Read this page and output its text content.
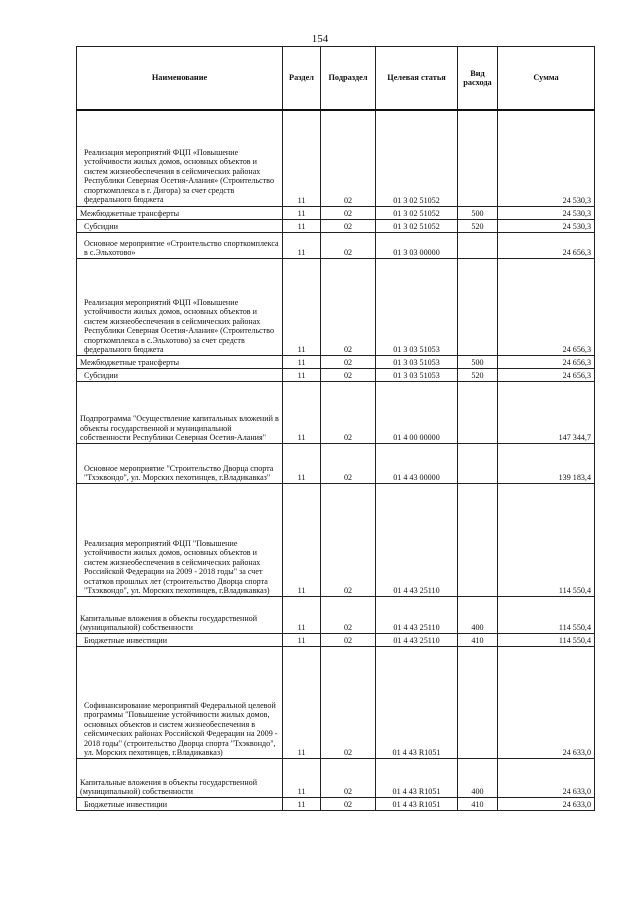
154
Наименование	Раздел	Подраздел	Целевая статья	Вид расхода	Сумма
Реализация мероприятий ФЦП «Повышение устойчивости жилых домов, основных объектов и систем жизнеобеспечения в сейсмических районах Республики Северная Осетия-Алания» (Строительство спорткомплекса в г. Дигора) за счет средств федерального бюджета	11	02	01 3 02 51052		24 530,3
Межбюджетные трансферты	11	02	01 3 02 51052	500	24 530,3
Субсидии	11	02	01 3 02 51052	520	24 530,3
Основное мероприятие «Строительство спорткомплекса в с.Эльхотово»	11	02	01 3 03 00000		24 656,3
Реализация мероприятий ФЦП «Повышение устойчивости жилых домов, основных объектов и систем жизнеобеспечения в сейсмических районах Республики Северная Осетия-Алания» (Строительство спорткомплекса в с.Эльхотово) за счет средств федерального бюджета	11	02	01 3 03 51053		24 656,3
Межбюджетные трансферты	11	02	01 3 03 51053	500	24 656,3
Субсидии	11	02	01 3 03 51053	520	24 656,3
Подпрограмма "Осуществление капитальных вложений в объекты государственной и муниципальной собственности Республики Северная Осетия-Алания"	11	02	01 4 00 00000		147 344,7
Основное мероприятие "Строительство Дворца спорта "Тхэквондо", ул. Морских пехотинцев, г.Владикавказ"	11	02	01 4 43 00000		139 183,4
Реализация мероприятий ФЦП "Повышение устойчивости жилых домов, основных объектов и систем жизнеобеспечения в сейсмических районах Российской Федерации на 2009 - 2018 годы" за счет остатков прошлых лет (строительство Дворца спорта "Тхэквондо", ул. Морских пехотинцев, г.Владикавказ)	11	02	01 4 43 25110		114 550,4
Капитальные вложения в объекты государственной (муниципальной) собственности	11	02	01 4 43 25110	400	114 550,4
Бюджетные инвестиции	11	02	01 4 43 25110	410	114 550,4
Софинансирование мероприятий Федеральной целевой программы "Повышение устойчивости жилых домов, основных объектов и систем жизнеобеспечения в сейсмических районах Российской Федерации на 2009 - 2018 годы" (строительство Дворца спорта "Тхэквондо", ул. Морских пехотинцев, г.Владикавказ)	11	02	01 4 43 R1051		24 633,0
Капитальные вложения в объекты государственной (муниципальной) собственности	11	02	01 4 43 R1051	400	24 633,0
Бюджетные инвестиции	11	02	01 4 43 R1051	410	24 633,0
